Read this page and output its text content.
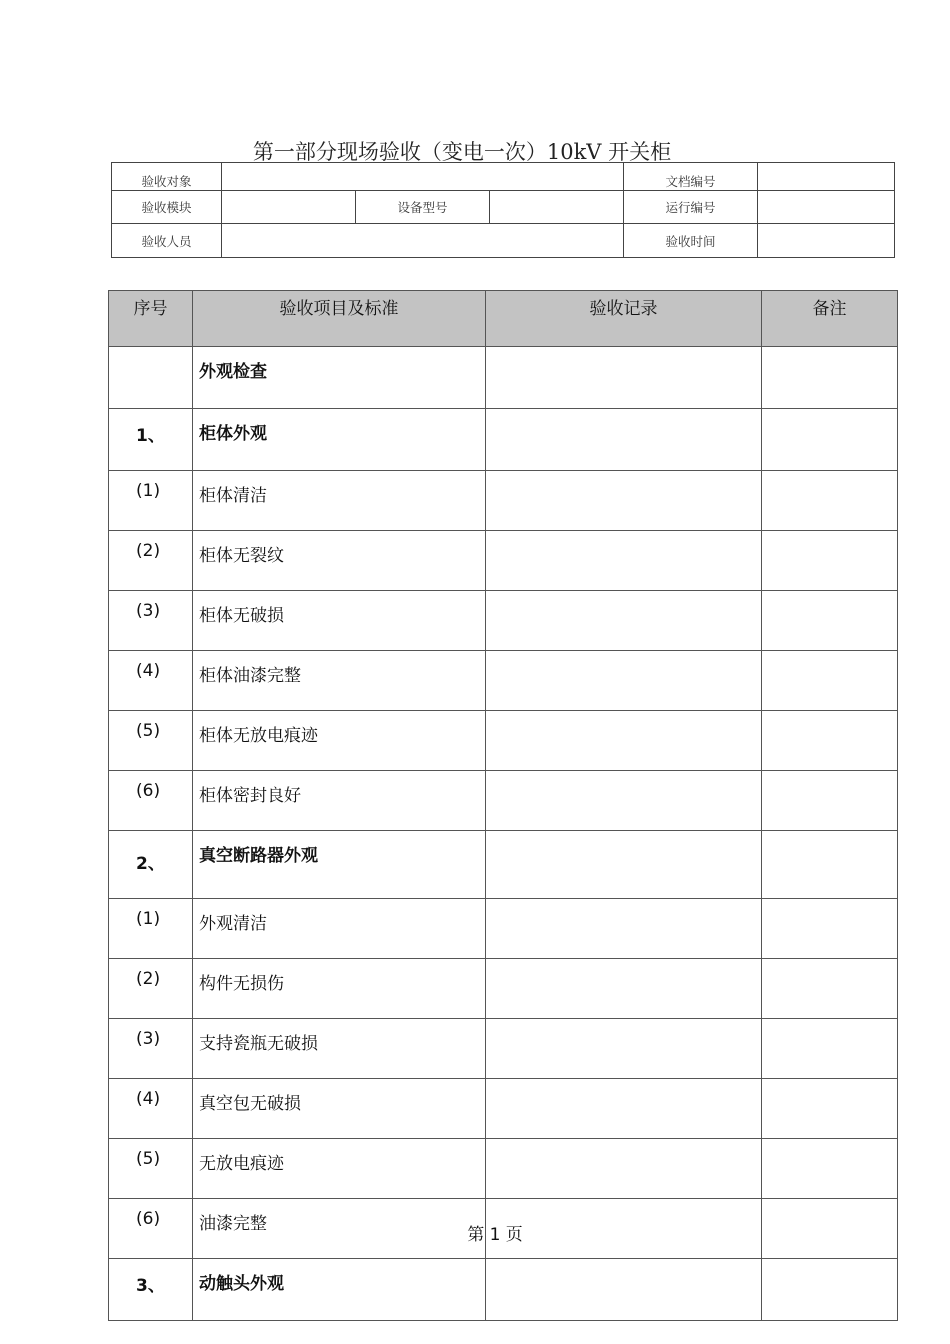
第一部分现场验收（变电一次）10kV 开关柜
验收对象				文档编号	
验收模块		设备型号		运行编号	
验收人员				验收时间	
序号	验收项目及标准	验收记录	备注
	外观检查		
1、	柜体外观		
(1)	柜体清洁		
(2)	柜体无裂纹		
(3)	柜体无破损		
(4)	柜体油漆完整		
(5)	柜体无放电痕迹		
(6)	柜体密封良好		
2、	真空断路器外观		
(1)	外观清洁		
(2)	构件无损伤		
(3)	支持瓷瓶无破损		
(4)	真空包无破损		
(5)	无放电痕迹		
(6)	油漆完整		
3、	动触头外观		
第 1 页
